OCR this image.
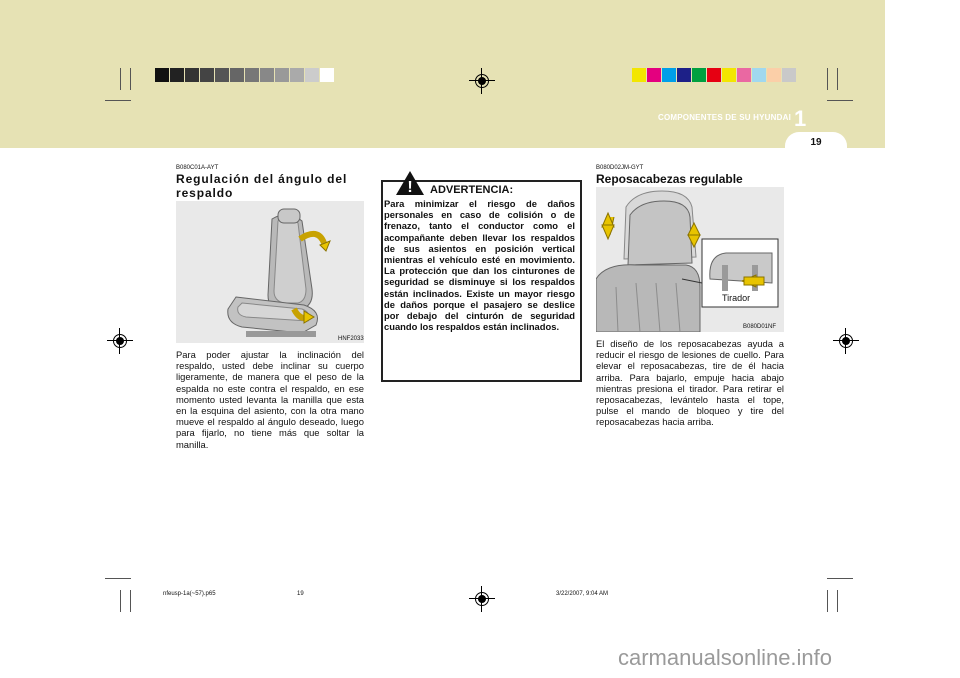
COMPONENTES DE SU HYUNDAI 1
19
B080C01A-AYT
Regulación del ángulo del respaldo
HNF2033
Para poder ajustar la inclinación del respaldo, usted debe inclinar su cuerpo ligeramente, de manera que el peso de la espalda no este contra el respaldo, en ese momento usted levanta la manilla que esta en la esquina del asiento, con la otra mano mueve el respaldo al ángulo deseado, luego para fijarlo, no tiene más que soltar la manilla.
! ADVERTENCIA:
Para minimizar el riesgo de daños personales en caso de colisión o de frenazo, tanto el conductor como el acompañante deben llevar los respaldos de sus asientos en posición vertical mientras el vehículo esté en movimiento. La protección que dan los cinturones de seguridad se disminuye si los respaldos están inclinados. Existe un mayor riesgo de daños porque el pasajero se deslice por debajo del cinturón de seguridad cuando los respaldos están inclinados.
B080D02JM-GYT
Reposacabezas regulable
Tirador
B080D01NF
El diseño de los reposacabezas ayuda a reducir el riesgo de lesiones de cuello. Para elevar el reposacabezas, tire de él hacia arriba. Para bajarlo, empuje hacia abajo mientras presiona el tirador. Para retirar el reposacabezas, levántelo hasta el tope, pulse el mando de bloqueo y tire del reposacabezas hacia arriba.
nfeusp-1a(~57).p65	19	3/22/2007, 9:04 AM
carmanualsonline.info
